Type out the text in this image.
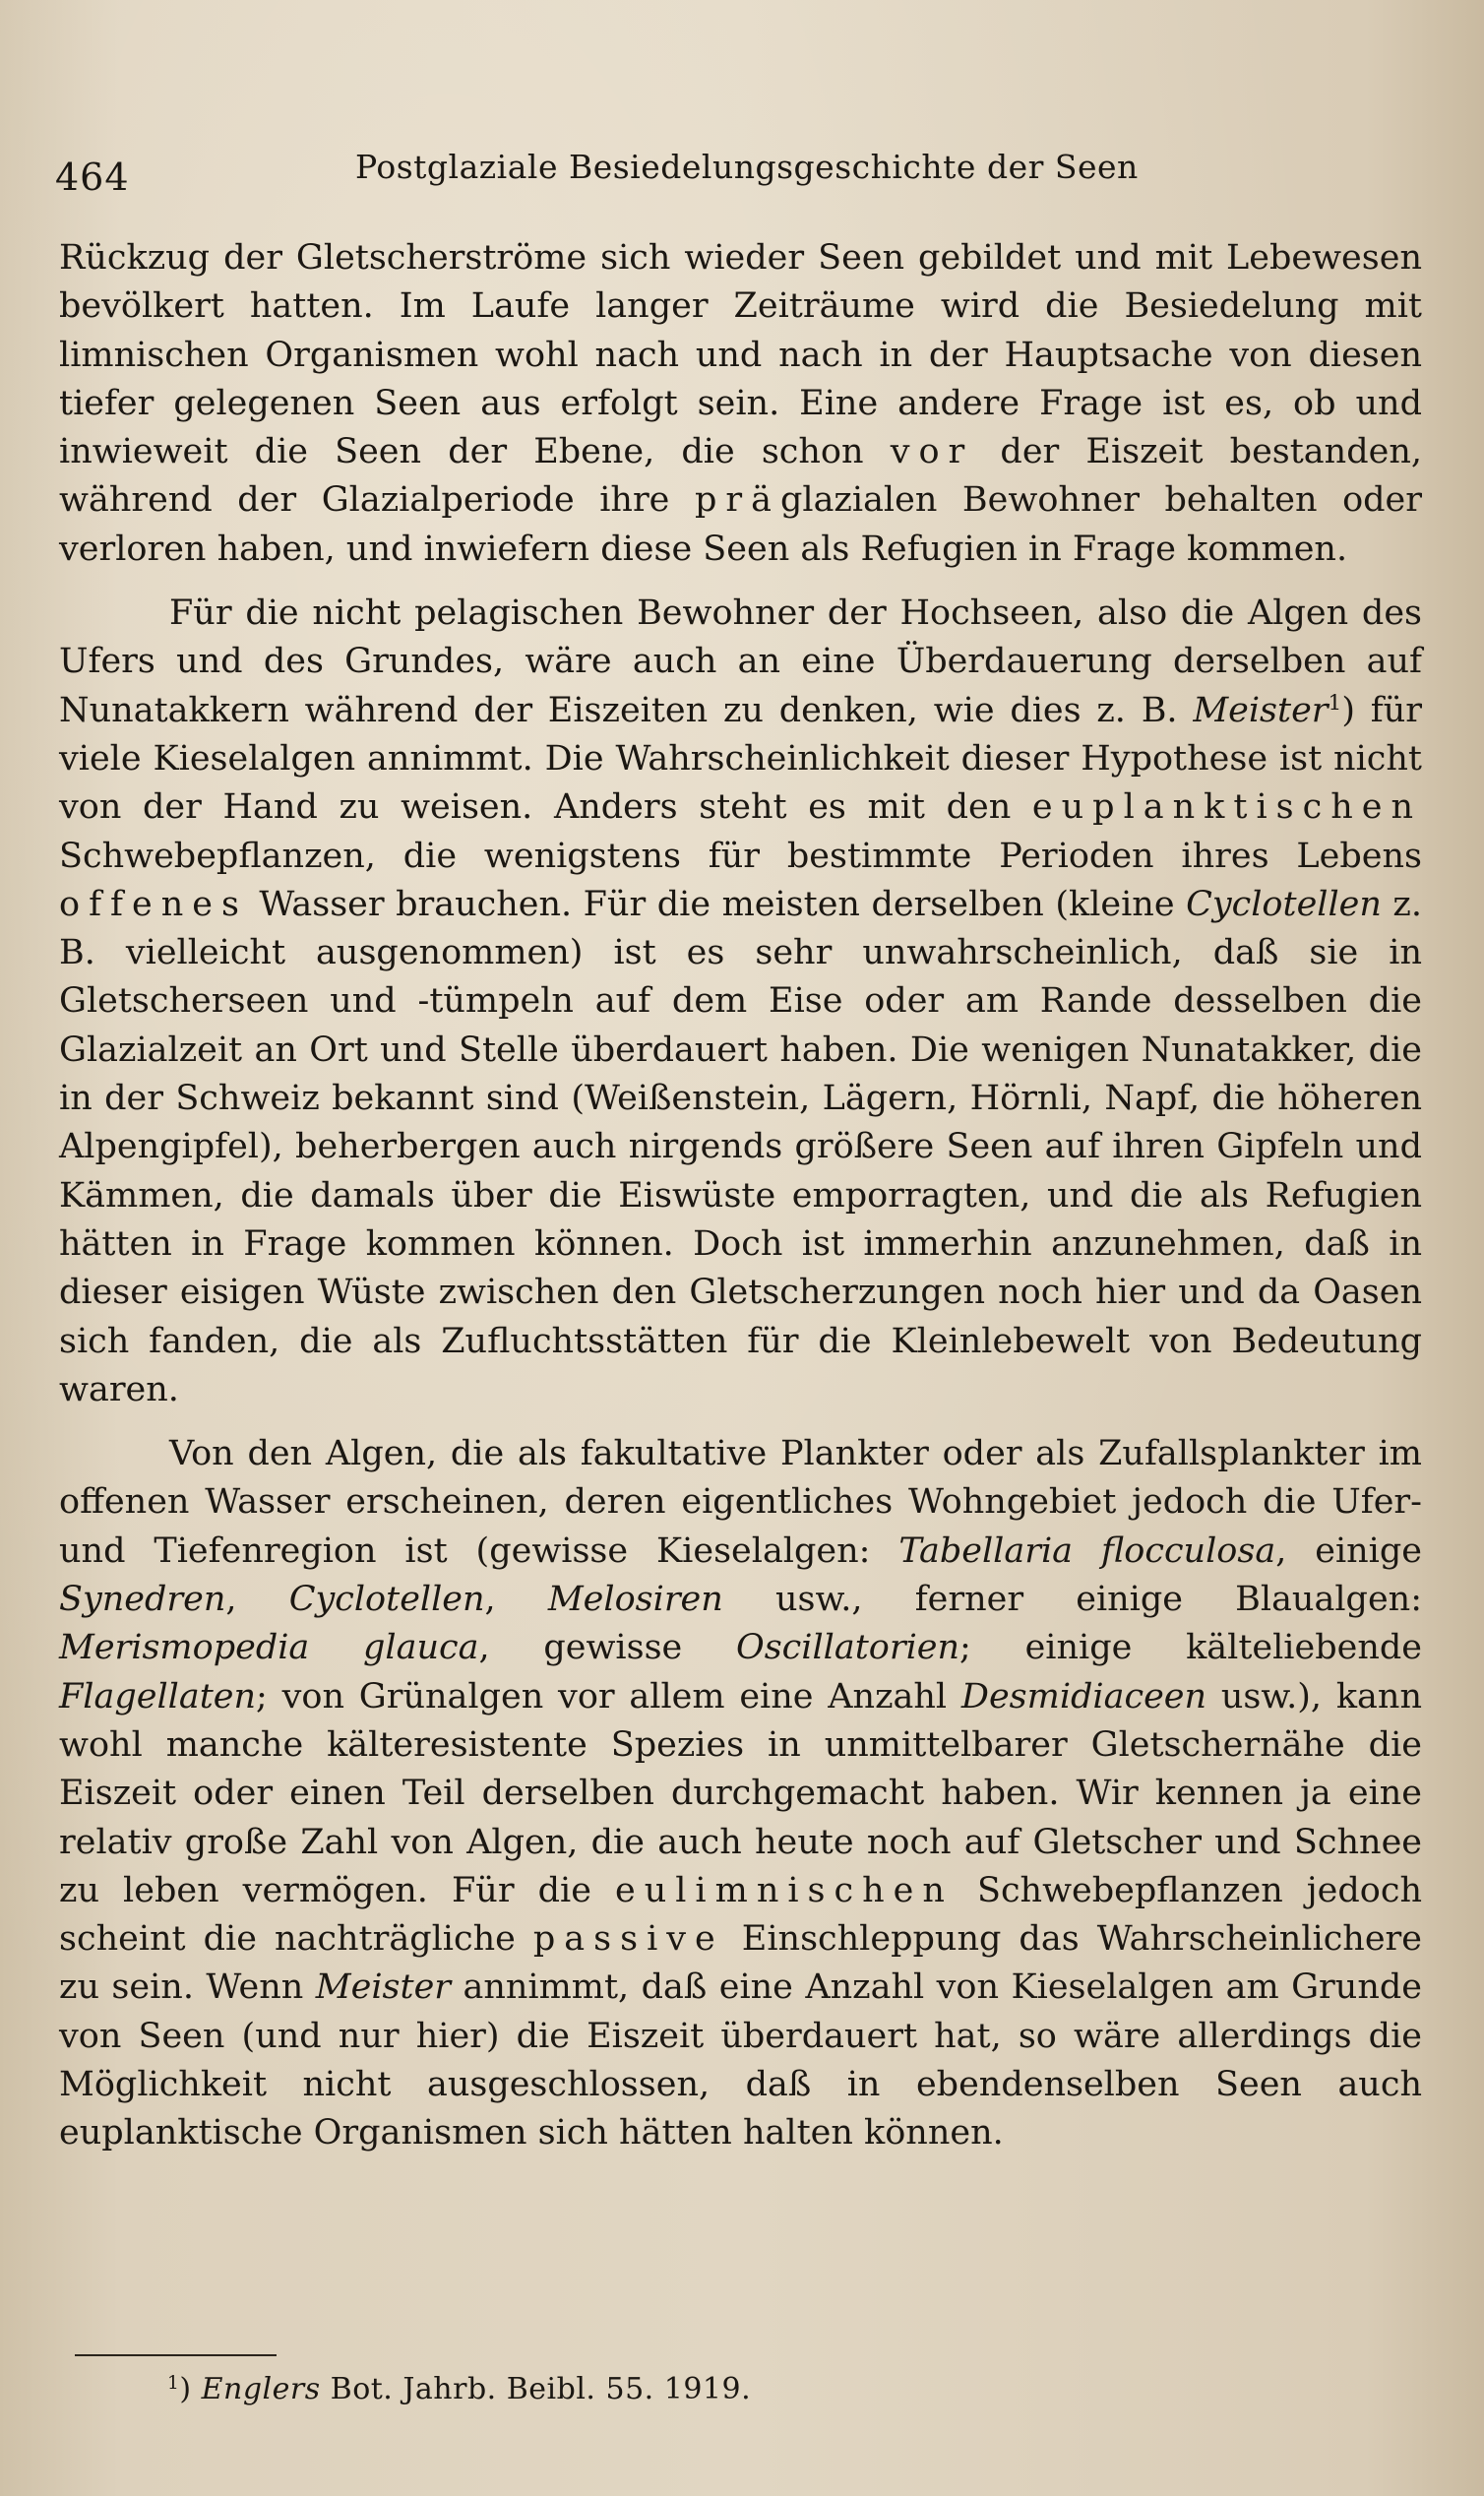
464	Postglaziale Besiedelungsgeschichte der Seen

Rückzug der Gletscherströme sich wieder Seen gebildet und mit Lebewesen bevölkert hatten. Im Laufe langer Zeiträume wird die Besiedelung mit limnischen Organismen wohl nach und nach in der Hauptsache von diesen tiefer gelegenen Seen aus erfolgt sein. Eine andere Frage ist es, ob und inwieweit die Seen der Ebene, die schon vor der Eiszeit bestanden, während der Glazialperiode ihre präglazialen Bewohner behalten oder verloren haben, und inwiefern diese Seen als Refugien in Frage kommen.

Für die nicht pelagischen Bewohner der Hochseen, also die Algen des Ufers und des Grundes, wäre auch an eine Überdauerung derselben auf Nunatakkern während der Eiszeiten zu denken, wie dies z. B. Meister$^1$) für viele Kieselalgen annimmt. Die Wahrscheinlichkeit dieser Hypothese ist nicht von der Hand zu weisen. Anders steht es mit den euplanktischen Schwebepflanzen, die wenigstens für bestimmte Perioden ihres Lebens offenes Wasser brauchen. Für die meisten derselben (kleine Cyclotellen z. B. vielleicht ausgenommen) ist es sehr unwahrscheinlich, daß sie in Gletscherseen und -tümpeln auf dem Eise oder am Rande desselben die Glazialzeit an Ort und Stelle überdauert haben. Die wenigen Nunatakker, die in der Schweiz bekannt sind (Weißenstein, Lägern, Hörnli, Napf, die höheren Alpengipfel), beherbergen auch nirgends größere Seen auf ihren Gipfeln und Kämmen, die damals über die Eiswüste emporragten, und die als Refugien hätten in Frage kommen können. Doch ist immerhin anzunehmen, daß in dieser eisigen Wüste zwischen den Gletscherzungen noch hier und da Oasen sich fanden, die als Zufluchtsstätten für die Kleinlebewelt von Bedeutung waren.

Von den Algen, die als fakultative Plankter oder als Zufallsplankter im offenen Wasser erscheinen, deren eigentliches Wohngebiet jedoch die Ufer- und Tiefenregion ist (gewisse Kieselalgen: Tabellaria flocculosa, einige Synedren, Cyclotellen, Melosiren usw., ferner einige Blaualgen: Merismopedia glauca, gewisse Oscillatorien; einige kälteliebende Flagellaten; von Grünalgen vor allem eine Anzahl Desmidiaceen usw.), kann wohl manche kälteresistente Spezies in unmittelbarer Gletschernähe die Eiszeit oder einen Teil derselben durchgemacht haben. Wir kennen ja eine relativ große Zahl von Algen, die auch heute noch auf Gletscher und Schnee zu leben vermögen. Für die eulimnischen Schwebepflanzen jedoch scheint die nachträgliche passive Einschleppung das Wahrscheinlichere zu sein. Wenn Meister annimmt, daß eine Anzahl von Kieselalgen am Grunde von Seen (und nur hier) die Eiszeit überdauert hat, so wäre allerdings die Möglichkeit nicht ausgeschlossen, daß in ebendenselben Seen auch euplanktische Organismen sich hätten halten können.

$^1$) Englers Bot. Jahrb. Beibl. 55. 1919.
